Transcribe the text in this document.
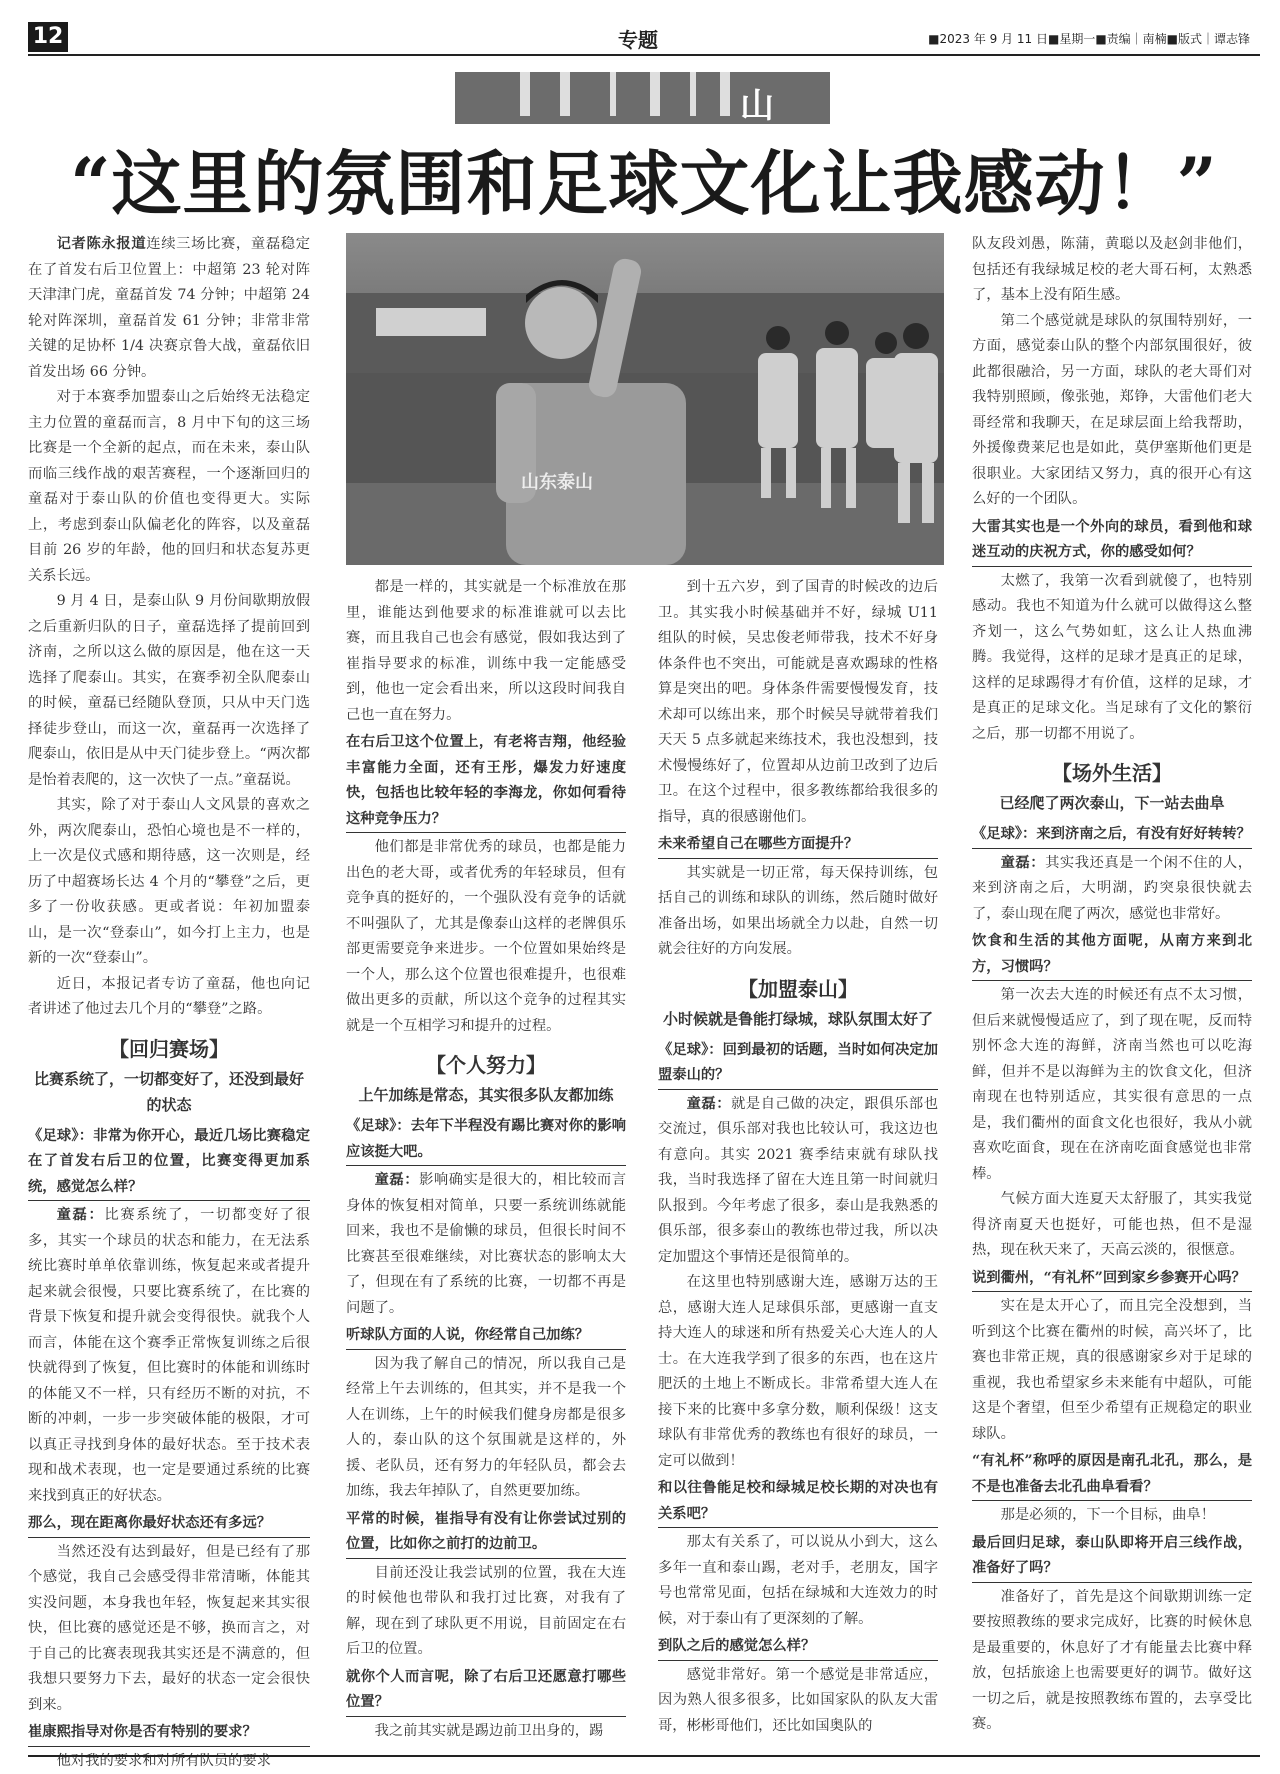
12	专题	■2023 年 9 月 11 日■星期一■责编｜南楠■版式｜谭志锋
山
“这里的氛围和足球文化让我感动！”
山东泰山

记者陈永报道连续三场比赛，童磊稳定在了首发右后卫位置上：中超第 23 轮对阵天津津门虎，童磊首发 74 分钟；中超第 24 轮对阵深圳，童磊首发 61 分钟；非常非常关键的足协杯 1/4 决赛京鲁大战，童磊依旧首发出场 66 分钟。

对于本赛季加盟泰山之后始终无法稳定主力位置的童磊而言，8 月中下旬的这三场比赛是一个全新的起点，而在未来，泰山队而临三线作战的艰苦赛程，一个逐渐回归的童磊对于泰山队的价值也变得更大。实际上，考虑到泰山队偏老化的阵容，以及童磊目前 26 岁的年龄，他的回归和状态复苏更关系长远。

9 月 4 日，是泰山队 9 月份间歇期放假之后重新归队的日子，童磊选择了提前回到济南，之所以这么做的原因是，他在这一天选择了爬泰山。其实，在赛季初全队爬泰山的时候，童磊已经随队登顶，只从中天门选择徒步登山，而这一次，童磊再一次选择了爬泰山，依旧是从中天门徒步登上。“两次都是怡着表爬的，这一次快了一点。”童磊说。

其实，除了对于泰山人文风景的喜欢之外，两次爬泰山，恐怕心境也是不一样的，上一次是仪式感和期待感，这一次则是，经历了中超赛场长达 4 个月的“攀登”之后，更多了一份收获感。更或者说：年初加盟泰山，是一次“登泰山”，如今打上主力，也是新的一次“登泰山”。

近日，本报记者专访了童磊，他也向记者讲述了他过去几个月的“攀登”之路。

【回归赛场】
比赛系统了，一切都变好了，还没到最好的状态
《足球》：非常为你开心，最近几场比赛稳定在了首发右后卫的位置，比赛变得更加系统，感觉怎么样？

童磊：比赛系统了，一切都变好了很多，其实一个球员的状态和能力，在无法系统比赛时单单依靠训练，恢复起来或者提升起来就会很慢，只要比赛系统了，在比赛的背景下恢复和提升就会变得很快。就我个人而言，体能在这个赛季正常恢复训练之后很快就得到了恢复，但比赛时的体能和训练时的体能又不一样，只有经历不断的对抗，不断的冲刺，一步一步突破体能的极限，才可以真正寻找到身体的最好状态。至于技术表现和战术表现，也一定是要通过系统的比赛来找到真正的好状态。

那么，现在距离你最好状态还有多远？

当然还没有达到最好，但是已经有了那个感觉，我自己会感受得非常清晰，体能其实没问题，本身我也年轻，恢复起来其实很快，但比赛的感觉还是不够，换而言之，对于自己的比赛表现我其实还是不满意的，但我想只要努力下去，最好的状态一定会很快到来。

崔康熙指导对你是否有特别的要求？

他对我的要求和对所有队员的要求

都是一样的，其实就是一个标准放在那里，谁能达到他要求的标准谁就可以去比赛，而且我自己也会有感觉，假如我达到了崔指导要求的标准，训练中我一定能感受到，他也一定会看出来，所以这段时间我自己也一直在努力。

在右后卫这个位置上，有老将吉翔，他经验丰富能力全面，还有王彤，爆发力好速度快，包括也比较年轻的李海龙，你如何看待这种竞争压力？

他们都是非常优秀的球员，也都是能力出色的老大哥，或者优秀的年轻球员，但有竞争真的挺好的，一个强队没有竞争的话就不叫强队了，尤其是像泰山这样的老牌俱乐部更需要竞争来进步。一个位置如果始终是一个人，那么这个位置也很难提升，也很难做出更多的贡献，所以这个竞争的过程其实就是一个互相学习和提升的过程。

【个人努力】
上午加练是常态，其实很多队友都加练
《足球》：去年下半程没有踢比赛对你的影响应该挺大吧。

童磊：影响确实是很大的，相比较而言身体的恢复相对简单，只要一系统训练就能回来，我也不是偷懒的球员，但很长时间不比赛甚至很难继续，对比赛状态的影响太大了，但现在有了系统的比赛，一切都不再是问题了。

听球队方面的人说，你经常自己加练？

因为我了解自己的情况，所以我自己是经常上午去训练的，但其实，并不是我一个人在训练，上午的时候我们健身房都是很多人的，泰山队的这个氛围就是这样的，外援、老队员，还有努力的年轻队员，都会去加练，我去年掉队了，自然更要加练。

平常的时候，崔指导有没有让你尝试过别的位置，比如你之前打的边前卫。

目前还没让我尝试别的位置，我在大连的时候他也带队和我打过比赛，对我有了解，现在到了球队更不用说，目前固定在右后卫的位置。

就你个人而言呢，除了右后卫还愿意打哪些位置？

我之前其实就是踢边前卫出身的，踢

到十五六岁，到了国青的时候改的边后卫。其实我小时候基础并不好，绿城 U11 组队的时候，吴忠俊老师带我，技术不好身体条件也不突出，可能就是喜欢踢球的性格算是突出的吧。身体条件需要慢慢发育，技术却可以练出来，那个时候吴导就带着我们天天 5 点多就起来练技术，我也没想到，技术慢慢练好了，位置却从边前卫改到了边后卫。在这个过程中，很多教练都给我很多的指导，真的很感谢他们。

未来希望自己在哪些方面提升？

其实就是一切正常，每天保持训练，包括自己的训练和球队的训练，然后随时做好准备出场，如果出场就全力以赴，自然一切就会往好的方向发展。

【加盟泰山】
小时候就是鲁能打绿城，球队氛围太好了
《足球》：回到最初的话题，当时如何决定加盟泰山的？

童磊：就是自己做的决定，跟俱乐部也交流过，俱乐部对我也比较认可，我这边也有意向。其实 2021 赛季结束就有球队找我，当时我选择了留在大连且第一时间就归队报到。今年考虑了很多，泰山是我熟悉的俱乐部，很多泰山的教练也带过我，所以决定加盟这个事情还是很简单的。

在这里也特别感谢大连，感谢万达的王总，感谢大连人足球俱乐部，更感谢一直支持大连人的球迷和所有热爱关心大连人的人士。在大连我学到了很多的东西，也在这片肥沃的土地上不断成长。非常希望大连人在接下来的比赛中多拿分数，顺利保级！这支球队有非常优秀的教练也有很好的球员，一定可以做到！

和以往鲁能足校和绿城足校长期的对决也有关系吧？

那太有关系了，可以说从小到大，这么多年一直和泰山踢，老对手，老朋友，国字号也常常见面，包括在绿城和大连效力的时候，对于泰山有了更深刻的了解。

到队之后的感觉怎么样？

感觉非常好。第一个感觉是非常适应，因为熟人很多很多，比如国家队的队友大雷哥，彬彬哥他们，还比如国奥队的

队友段刘愚，陈蒲，黄聪以及赵剑非他们，包括还有我绿城足校的老大哥石柯，太熟悉了，基本上没有陌生感。

第二个感觉就是球队的氛围特别好，一方面，感觉泰山队的整个内部氛围很好，彼此都很融洽，另一方面，球队的老大哥们对我特别照顾，像张弛，郑铮，大雷他们老大哥经常和我聊天，在足球层面上给我帮助，外援像费莱尼也是如此，莫伊塞斯他们更是很职业。大家团结又努力，真的很开心有这么好的一个团队。

大雷其实也是一个外向的球员，看到他和球迷互动的庆祝方式，你的感受如何？

太燃了，我第一次看到就傻了，也特别感动。我也不知道为什么就可以做得这么整齐划一，这么气势如虹，这么让人热血沸腾。我觉得，这样的足球才是真正的足球，这样的足球踢得才有价值，这样的足球，才是真正的足球文化。当足球有了文化的繁衍之后，那一切都不用说了。

【场外生活】
已经爬了两次泰山，下一站去曲阜
《足球》：来到济南之后，有没有好好转转？

童磊：其实我还真是一个闲不住的人，来到济南之后，大明湖，趵突泉很快就去了，泰山现在爬了两次，感觉也非常好。

饮食和生活的其他方面呢，从南方来到北方，习惯吗？

第一次去大连的时候还有点不太习惯，但后来就慢慢适应了，到了现在呢，反而特别怀念大连的海鲜，济南当然也可以吃海鲜，但并不是以海鲜为主的饮食文化，但济南现在也特别适应，其实很有意思的一点是，我们衢州的面食文化也很好，我从小就喜欢吃面食，现在在济南吃面食感觉也非常棒。

气候方面大连夏天太舒服了，其实我觉得济南夏天也挺好，可能也热，但不是湿热，现在秋天来了，天高云淡的，很惬意。

说到衢州，“有礼杯”回到家乡参赛开心吗？

实在是太开心了，而且完全没想到，当听到这个比赛在衢州的时候，高兴坏了，比赛也非常正规，真的很感谢家乡对于足球的重视，我也希望家乡未来能有中超队，可能这是个奢望，但至少希望有正规稳定的职业球队。

“有礼杯”称呼的原因是南孔北孔，那么，是不是也准备去北孔曲阜看看？

那是必须的，下一个目标，曲阜！

最后回归足球，泰山队即将开启三线作战，准备好了吗？

准备好了，首先是这个间歇期训练一定要按照教练的要求完成好，比赛的时候休息是最重要的，休息好了才有能量去比赛中释放，包括旅途上也需要更好的调节。做好这一切之后，就是按照教练布置的，去享受比赛。
